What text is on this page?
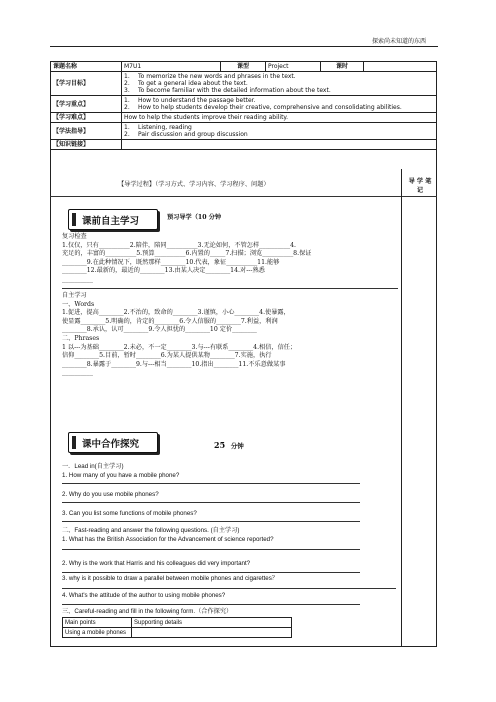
探索尚未知道的东西
课题名称	M7U1	课型	Project	课时	
【学习目标】	1. To memorize the new words and phrases in the text.
2. To get a general idea about the text.
3. To become familiar with the detailed information about the text.				

【学习重点】	1. How to understand the passage better.
2. How to help students develop their creative, comprehensive and consolidating abilities.				

【学习难点】	How to help the students improve their reading ability.				
【学法指导】	1. Listening, reading
2. Pair discussion and group discussion				

【知识链接】					
【导学过程】（学习方式、学习内容、学习程序、问题）	导 学 笔记
课前自主学习	预习导学（10 分钟
复习检查
1.仅仅，只有__________2.陪伴，陪同__________3.无论如何，不管怎样__________4.
充足的，丰富的__________5.预算__________6.内置的_____7.扫描；浏览__________8.保证
________9.在此种情况下，既然那样________10.代表，象征__________11.能够
________12.最新的，最近的________13.由某人决定________14.对---熟悉
__________
自主学习
一、Words
1.促进，提高________2.不治的，致命的________3.谨慎，小心________4.使暴露，
使显露________5.明确的，肯定的________6.令人信服的________7.利益，利润
________8.承认，认可________9.令人担忧的________10 定价________
二、Phrases
1 以---为基础________2.未必，不一定________3.与---有联系________4.相信，信任；
信仰________5.目前，暂时________6.为某人提供某物________7.实施，执行
________8.暴露于________9.与---相当________10.指出________11.不乐意做某事
__________
课中合作探究	25 分钟
一．Lead in(自主学习)
1. How many of you have a mobile phone?
2. Why do you use mobile phones?
3. Can you list some functions of mobile phones?
二、Fast-reading and answer the following questions. (自主学习)
1. What has the British Association for the Advancement of science reported?
2. Why is the work that Harris and his colleagues did very important?
3. why is it possible to draw a parallel between mobile phones and cigarettes？
4. What's the attitude of the author to using mobile phones?
三、Careful-reading and fill in the following form.（合作探究）
Main points	Supporting details
Using a mobile phones	
